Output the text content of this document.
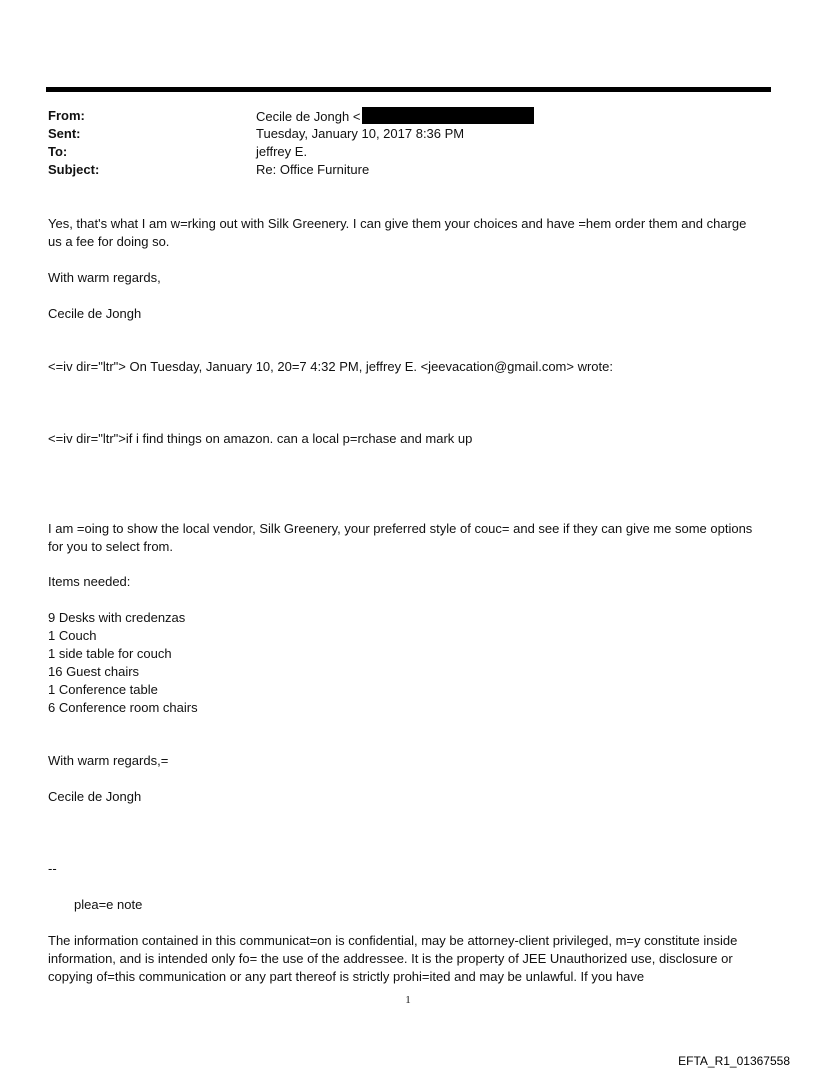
From:	Cecile de Jongh <
Sent:	Tuesday, January 10, 2017 8:36 PM
To:	jeffrey E.
Subject:	Re: Office Furniture

Yes, that's what I am w=rking out with Silk Greenery. I can give them your choices and have =hem order them and charge us a fee for doing so.

With warm regards,

Cecile de Jongh

<=iv dir="ltr"> On Tuesday, January 10, 20=7 4:32 PM, jeffrey E. <jeevacation@gmail.com> wrote:

<=iv dir="ltr">if i find things on amazon. can a local p=rchase and mark up

I am =oing to show the local vendor, Silk Greenery, your preferred style of couc= and see if they can give me some options for you to select from.

Items needed:

9 Desks with credenzas
1 Couch
1 side table for couch
16 Guest chairs
1 Conference table
6 Conference room chairs

With warm regards,=

Cecile de Jongh

--

plea=e note

The information contained in this communicat=on is confidential, may be attorney-client privileged, m=y constitute inside information, and is intended only fo= the use of the addressee. It is the property of JEE Unauthorized use, disclosure or copying of=this communication or any part thereof is strictly prohi=ited and may be unlawful. If you have

1
EFTA_R1_01367558
